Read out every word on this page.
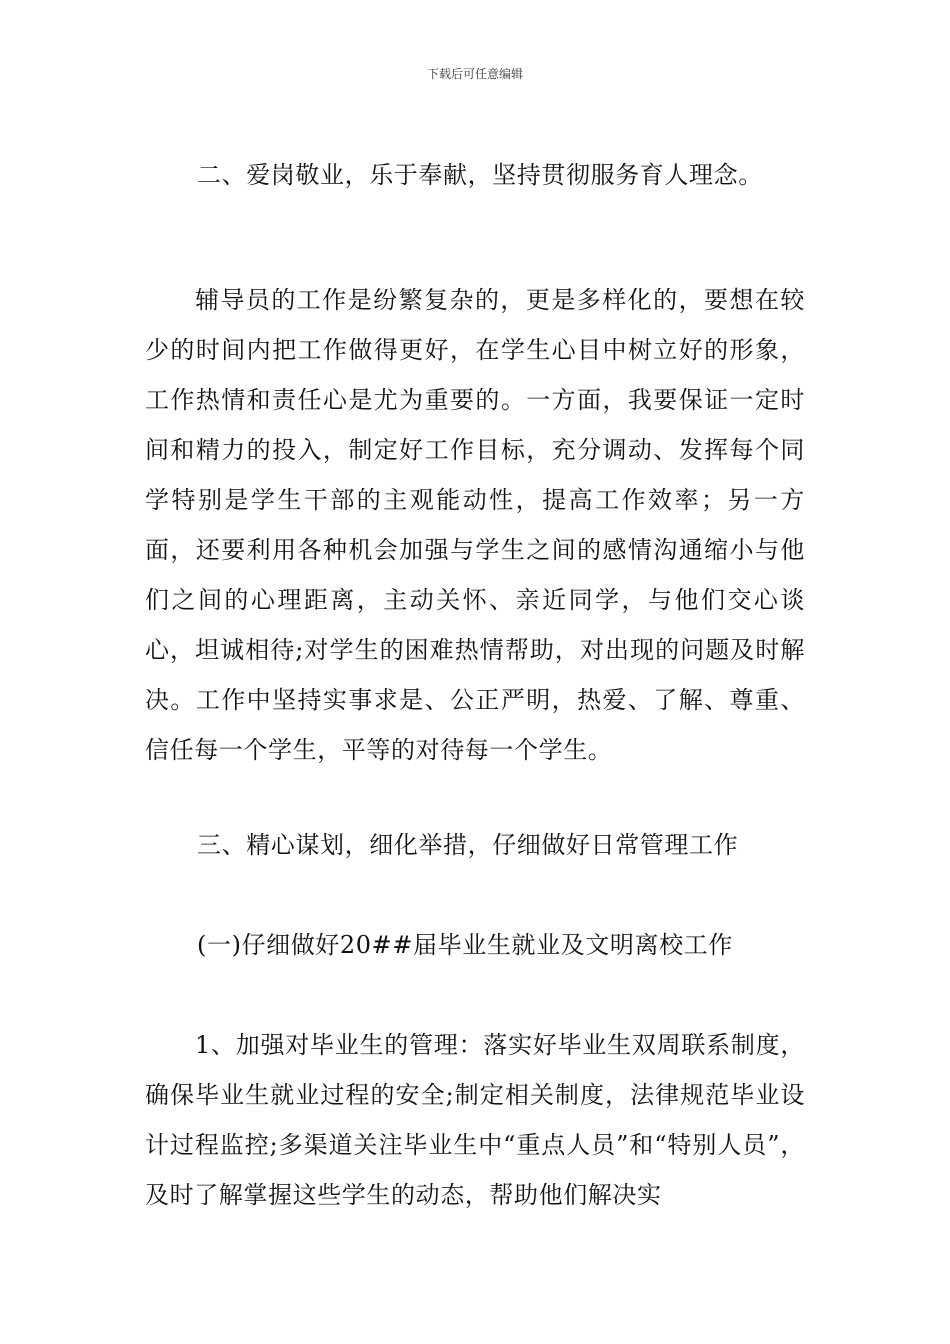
下载后可任意编辑

二、爱岗敬业，乐于奉献，坚持贯彻服务育人理念。

辅导员的工作是纷繁复杂的，更是多样化的，要想在较少的时间内把工作做得更好，在学生心目中树立好的形象，工作热情和责任心是尤为重要的。一方面，我要保证一定时间和精力的投入，制定好工作目标，充分调动、发挥每个同学特别是学生干部的主观能动性，提高工作效率；另一方面，还要利用各种机会加强与学生之间的感情沟通缩小与他们之间的心理距离，主动关怀、亲近同学，与他们交心谈心，坦诚相待;对学生的困难热情帮助，对出现的问题及时解决。工作中坚持实事求是、公正严明，热爱、了解、尊重、信任每一个学生，平等的对待每一个学生。

三、精心谋划，细化举措，仔细做好日常管理工作

(一)仔细做好20##届毕业生就业及文明离校工作

1、加强对毕业生的管理：落实好毕业生双周联系制度，确保毕业生就业过程的安全;制定相关制度，法律规范毕业设计过程监控;多渠道关注毕业生中“重点人员”和“特别人员”，及时了解掌握这些学生的动态，帮助他们解决实
